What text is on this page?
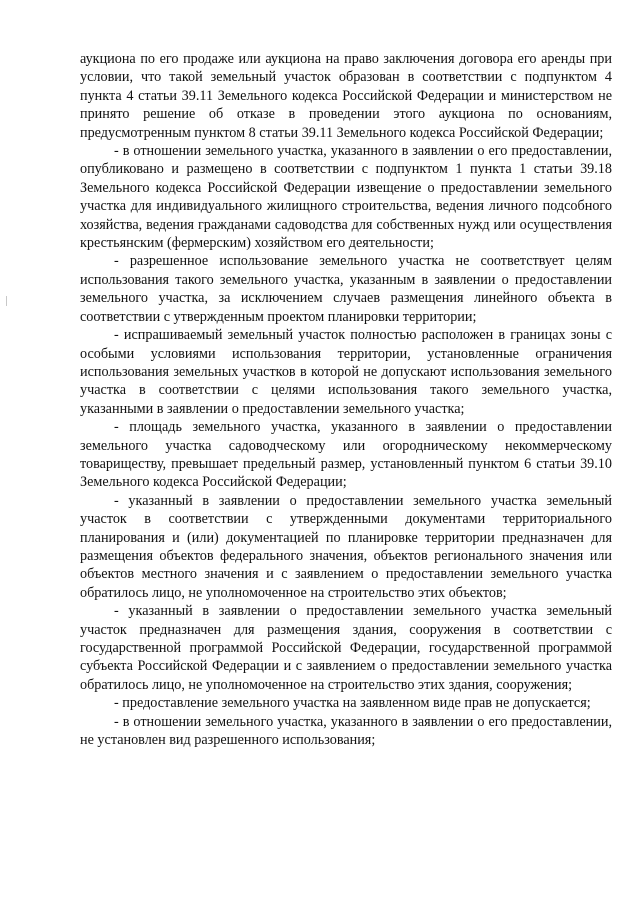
аукциона по его продаже или аукциона на право заключения договора его аренды при условии, что такой земельный участок образован в соответствии с подпунктом 4 пункта 4 статьи 39.11 Земельного кодекса Российской Федерации и министерством не принято решение об отказе в проведении этого аукциона по основаниям, предусмотренным пунктом 8 статьи 39.11 Земельного кодекса Российской Федерации;

- в отношении земельного участка, указанного в заявлении о его предоставлении, опубликовано и размещено в соответствии с подпунктом 1 пункта 1 статьи 39.18 Земельного кодекса Российской Федерации извещение о предоставлении земельного участка для индивидуального жилищного строительства, ведения личного подсобного хозяйства, ведения гражданами садоводства для собственных нужд или осуществления крестьянским (фермерским) хозяйством его деятельности;

- разрешенное использование земельного участка не соответствует целям использования такого земельного участка, указанным в заявлении о предоставлении земельного участка, за исключением случаев размещения линейного объекта в соответствии с утвержденным проектом планировки территории;

- испрашиваемый земельный участок полностью расположен в границах зоны с особыми условиями использования территории, установленные ограничения использования земельных участков в которой не допускают использования земельного участка в соответствии с целями использования такого земельного участка, указанными в заявлении о предоставлении земельного участка;

- площадь земельного участка, указанного в заявлении о предоставлении земельного участка садоводческому или огородническому некоммерческому товариществу, превышает предельный размер, установленный пунктом 6 статьи 39.10 Земельного кодекса Российской Федерации;

- указанный в заявлении о предоставлении земельного участка земельный участок в соответствии с утвержденными документами территориального планирования и (или) документацией по планировке территории предназначен для размещения объектов федерального значения, объектов регионального значения или объектов местного значения и с заявлением о предоставлении земельного участка обратилось лицо, не уполномоченное на строительство этих объектов;

- указанный в заявлении о предоставлении земельного участка земельный участок предназначен для размещения здания, сооружения в соответствии с государственной программой Российской Федерации, государственной программой субъекта Российской Федерации и с заявлением о предоставлении земельного участка обратилось лицо, не уполномоченное на строительство этих здания, сооружения;

- предоставление земельного участка на заявленном виде прав не допускается;

- в отношении земельного участка, указанного в заявлении о его предоставлении, не установлен вид разрешенного использования;
